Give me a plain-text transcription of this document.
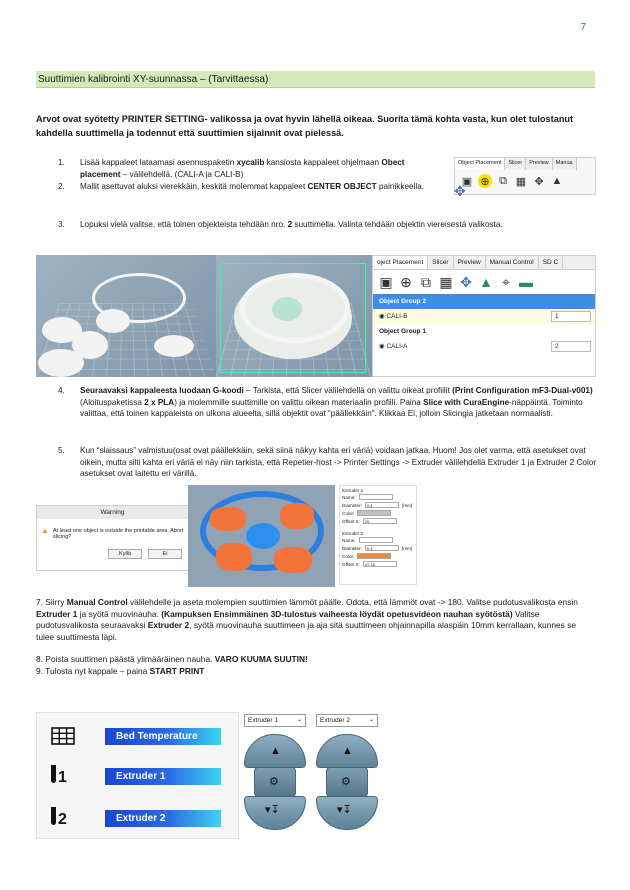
7
Suuttimien kalibrointi XY-suunnassa – (Tarvittaessa)
Arvot ovat syötetty PRINTER SETTING- valikossa ja ovat hyvin lähellä oikeaa. Suorita tämä kohta vasta, kun olet tulostanut kahdella suuttimella ja todennut että suuttimien sijainnit ovat pielessä.
1.	Lisää kappaleet lataamasi asennuspaketin xycalib kansiosta kappaleet ohjelmaan Obect placement – välilehdellä. (CALI-A ja CALI-B)
2.	Mallit asettuvat aluksi vierekkäin, keskitä molemmat kappaleet CENTER OBJECT painikkeella.
3.	Lopuksi vielä valitse, että toinen objekteista tehdään nro. 2 suuttimella. Valinta tehdään objektin viereisestä valikosta.
Object Placement	Slicer	Preview	Manua
▣ ⊕ ⧉ ▦ ✥ ▲
✥
oject Placement	Slicer	Preview	Manual Control	SD C
▣ ⊕ ⧉ ▦ ✥ ▲ ⌖ ▬
Object Group 2
◉ CALI-B	1
Object Group 1
◉ CALI-A	2
4.	Seuraavaksi kappaleesta luodaan G-koodi – Tarkista, että Slicer välilehdellä on valittu oikeat profiilit (Print Configuration mF3-Dual-v001)(Aloituspaketissa 2 x PLA) ja molemmille suuttimille on valittu oikean materiaalin profiili. Paina Slice with CuraEngine-näppäintä. Toiminto valittaa, että toinen kappaleista on ulkona alueelta, sillä objektit ovat “päällekkäin”. Klikkaa Ei, jolloin Slicingia jatketaan normaalisti.
5.	Kun “slaissaus” valmistuu(osat ovat päällekkäin, sekä siinä näkyy kahta eri väriä) voidaan jatkaa. Huom! Jos olet varma, että asetukset ovat oikein, mutta silti kahta eri väriä ei näy niin tarkista, että Repetier-host -> Printer Settings -> Extruder välilehdellä Extruder 1 ja Extruder 2 Color asetukset ovat laitettu eri värillä.
Warning
▲ At least one object is outside the printable area. Abort slicing?
Kyllä	Ei
Extruder 1
Name:
Diameter:	0.4	[mm]
Color:
Offset X:	20
Extruder 2
Name:
Diameter:	0.4	[mm]
Color:
Offset X:	47.18
7. Siirry Manual Control välilehdelle ja aseta molempien suuttimien lämmöt päälle. Odota, että lämmöt ovat -> 180. Valitse pudotusvalikosta ensin Extruder 1 ja syötä muovinauha. (Kampuksen Ensimmäinen 3D-tulostus vaiheesta löydät opetusvideon nauhan syötöstä) Valitse pudotusvalikosta seuraavaksi Extruder 2, syötä muovinauha suuttimeen ja aja sitä suuttimeen ohjainnapilla alaspäin 10mm kerrallaan, kunnes se tulee suuttimesta läpi.
8. Poista suuttimen päästä ylimääräinen nauha. VARO KUUMA SUUTIN!
9. Tulosta nyt kappale – paina START PRINT
Bed Temperature
1	Extruder 1
2	Extruder 2
Extruder 1	⌄
▲
▾↧
⚙
Extruder 2	⌄
▲
▾↧
⚙
